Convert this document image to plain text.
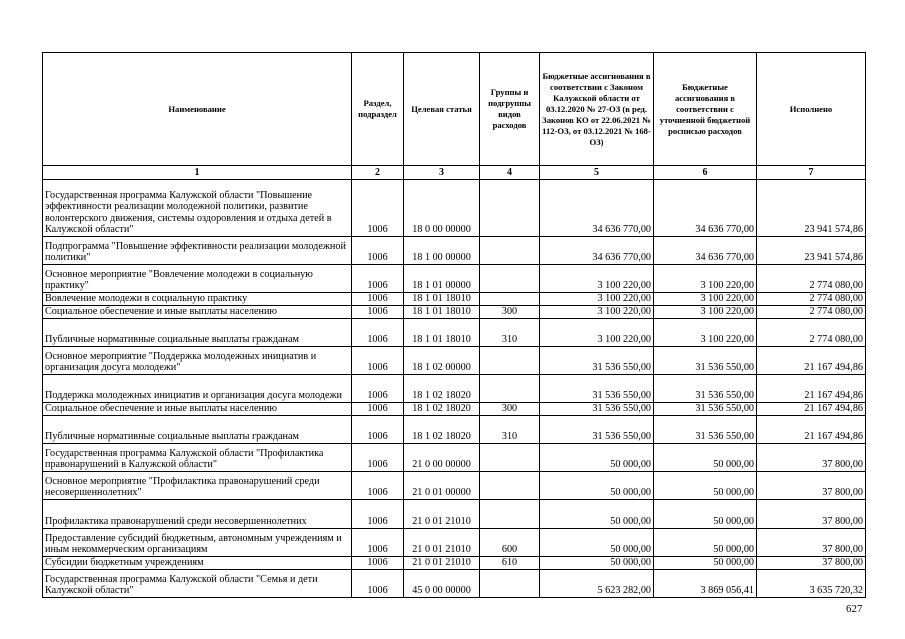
Наименование	Раздел, подраздел	Целевая статья	Группы и подгруппы видов расходов	Бюджетные ассигнования в соответствии с Законом Калужской области от 03.12.2020 № 27-ОЗ (в ред. Законов КО от 22.06.2021 № 112-ОЗ, от 03.12.2021 № 168-ОЗ)	Бюджетные ассигнования в соответствии с уточненной бюджетной росписью расходов	Исполнено
1	2	3	4	5	6	7
Государственная программа Калужской области "Повышение эффективности реализации молодежной политики, развитие волонтерского движения, системы оздоровления и отдыха детей в Калужской области"	1006	18 0 00 00000		34 636 770,00	34 636 770,00	23 941 574,86
Подпрограмма "Повышение эффективности реализации молодежной политики"	1006	18 1 00 00000		34 636 770,00	34 636 770,00	23 941 574,86
Основное мероприятие "Вовлечение молодежи в социальную практику"	1006	18 1 01 00000		3 100 220,00	3 100 220,00	2 774 080,00
Вовлечение молодежи в социальную практику	1006	18 1 01 18010		3 100 220,00	3 100 220,00	2 774 080,00
Социальное обеспечение и иные выплаты населению	1006	18 1 01 18010	300	3 100 220,00	3 100 220,00	2 774 080,00
Публичные нормативные социальные выплаты гражданам	1006	18 1 01 18010	310	3 100 220,00	3 100 220,00	2 774 080,00
Основное мероприятие "Поддержка молодежных инициатив и организация досуга молодежи"	1006	18 1 02 00000		31 536 550,00	31 536 550,00	21 167 494,86
Поддержка молодежных инициатив и организация досуга молодежи	1006	18 1 02 18020		31 536 550,00	31 536 550,00	21 167 494,86
Социальное обеспечение и иные выплаты населению	1006	18 1 02 18020	300	31 536 550,00	31 536 550,00	21 167 494,86
Публичные нормативные социальные выплаты гражданам	1006	18 1 02 18020	310	31 536 550,00	31 536 550,00	21 167 494,86
Государственная программа Калужской области "Профилактика правонарушений в Калужской области"	1006	21 0 00 00000		50 000,00	50 000,00	37 800,00
Основное мероприятие "Профилактика правонарушений среди несовершеннолетних"	1006	21 0 01 00000		50 000,00	50 000,00	37 800,00
Профилактика правонарушений среди несовершеннолетних	1006	21 0 01 21010		50 000,00	50 000,00	37 800,00
Предоставление субсидий бюджетным, автономным учреждениям и иным некоммерческим организациям	1006	21 0 01 21010	600	50 000,00	50 000,00	37 800,00
Субсидии бюджетным учреждениям	1006	21 0 01 21010	610	50 000,00	50 000,00	37 800,00
Государственная программа Калужской области "Семья и дети Калужской области"	1006	45 0 00 00000		5 623 282,00	3 869 056,41	3 635 720,32
627
